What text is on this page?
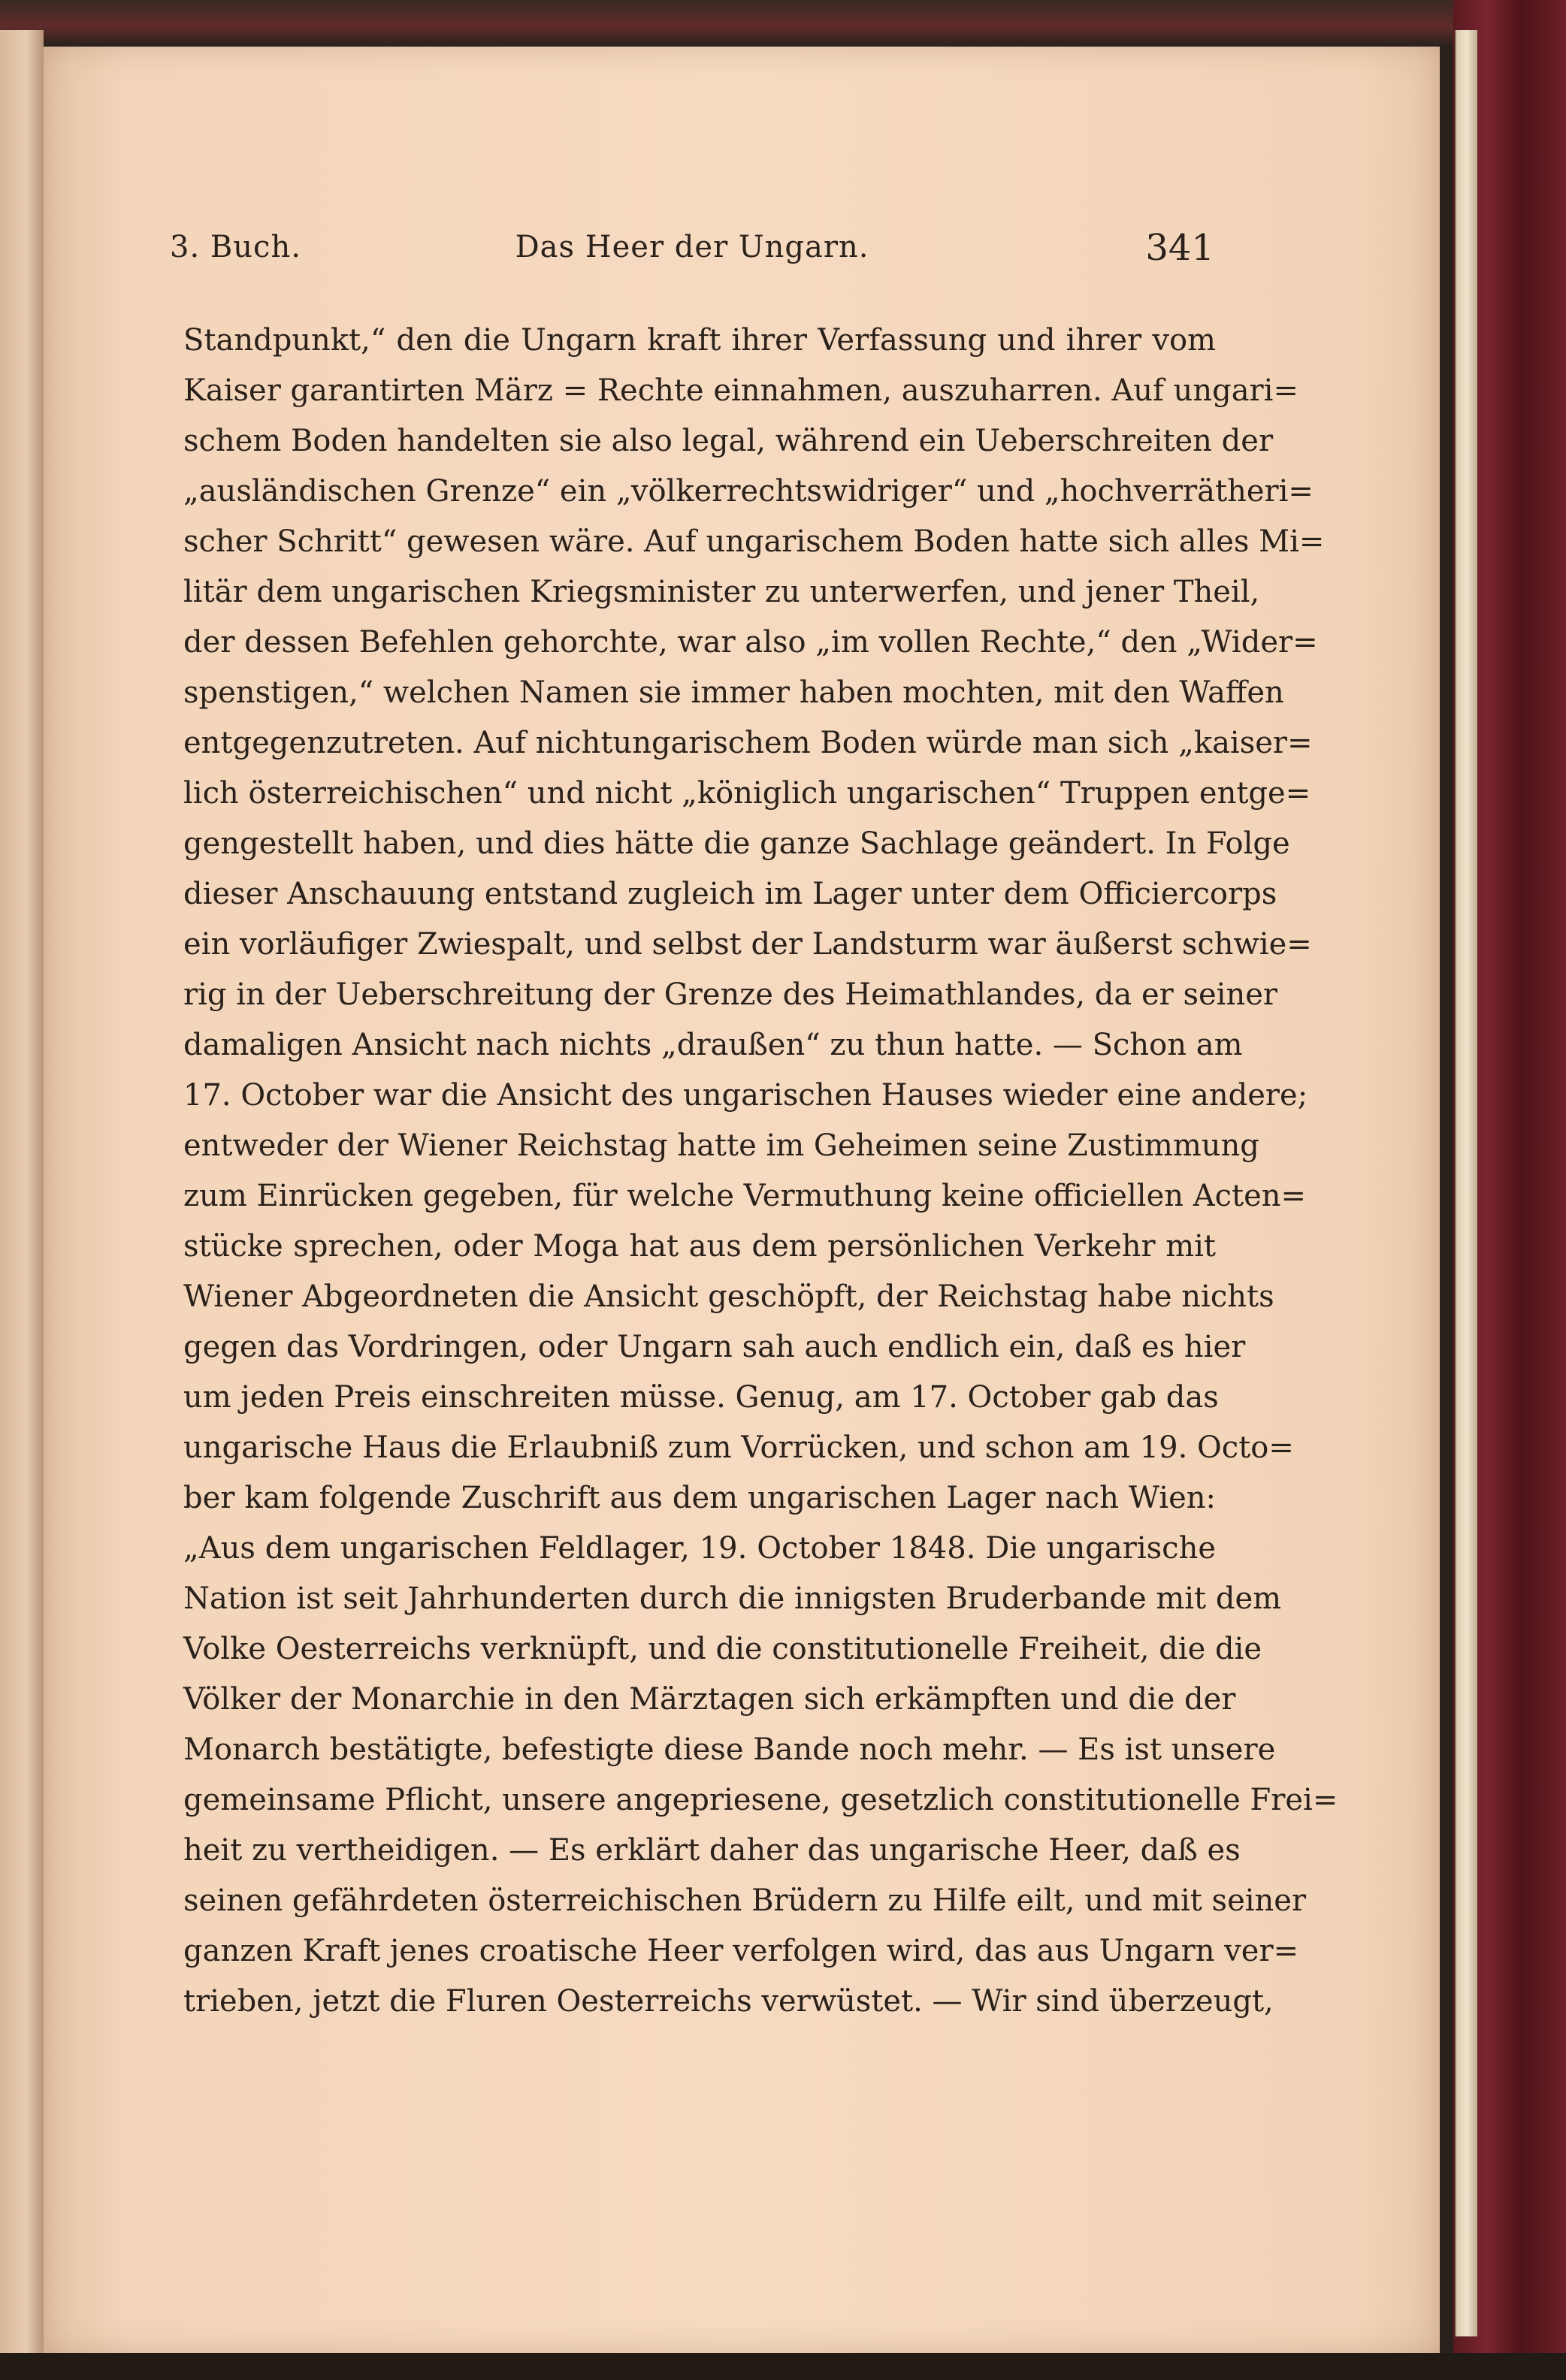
3. Buch.	Das Heer der Ungarn.	341
Standpunkt,“ den die Ungarn kraft ihrer Verfassung und ihrer vom
Kaiser garantirten März = Rechte einnahmen, auszuharren. Auf ungari=
schem Boden handelten sie also legal, während ein Ueberschreiten der
„ausländischen Grenze“ ein „völkerrechtswidriger“ und „hochverrätheri=
scher Schritt“ gewesen wäre. Auf ungarischem Boden hatte sich alles Mi=
litär dem ungarischen Kriegsminister zu unterwerfen, und jener Theil,
der dessen Befehlen gehorchte, war also „im vollen Rechte,“ den „Wider=
spenstigen,“ welchen Namen sie immer haben mochten, mit den Waffen
entgegenzutreten. Auf nichtungarischem Boden würde man sich „kaiser=
lich österreichischen“ und nicht „königlich ungarischen“ Truppen entge=
gengestellt haben, und dies hätte die ganze Sachlage geändert. In Folge
dieser Anschauung entstand zugleich im Lager unter dem Officiercorps
ein vorläufiger Zwiespalt, und selbst der Landsturm war äußerst schwie=
rig in der Ueberschreitung der Grenze des Heimathlandes, da er seiner
damaligen Ansicht nach nichts „draußen“ zu thun hatte. — Schon am
17. October war die Ansicht des ungarischen Hauses wieder eine andere;
entweder der Wiener Reichstag hatte im Geheimen seine Zustimmung
zum Einrücken gegeben, für welche Vermuthung keine officiellen Acten=
stücke sprechen, oder Moga hat aus dem persönlichen Verkehr mit
Wiener Abgeordneten die Ansicht geschöpft, der Reichstag habe nichts
gegen das Vordringen, oder Ungarn sah auch endlich ein, daß es hier
um jeden Preis einschreiten müsse. Genug, am 17. October gab das
ungarische Haus die Erlaubniß zum Vorrücken, und schon am 19. Octo=
ber kam folgende Zuschrift aus dem ungarischen Lager nach Wien:
„Aus dem ungarischen Feldlager, 19. October 1848. Die ungarische
Nation ist seit Jahrhunderten durch die innigsten Bruderbande mit dem
Volke Oesterreichs verknüpft, und die constitutionelle Freiheit, die die
Völker der Monarchie in den Märztagen sich erkämpften und die der
Monarch bestätigte, befestigte diese Bande noch mehr. — Es ist unsere
gemeinsame Pflicht, unsere angepriesene, gesetzlich constitutionelle Frei=
heit zu vertheidigen. — Es erklärt daher das ungarische Heer, daß es
seinen gefährdeten österreichischen Brüdern zu Hilfe eilt, und mit seiner
ganzen Kraft jenes croatische Heer verfolgen wird, das aus Ungarn ver=
trieben, jetzt die Fluren Oesterreichs verwüstet. — Wir sind überzeugt,
